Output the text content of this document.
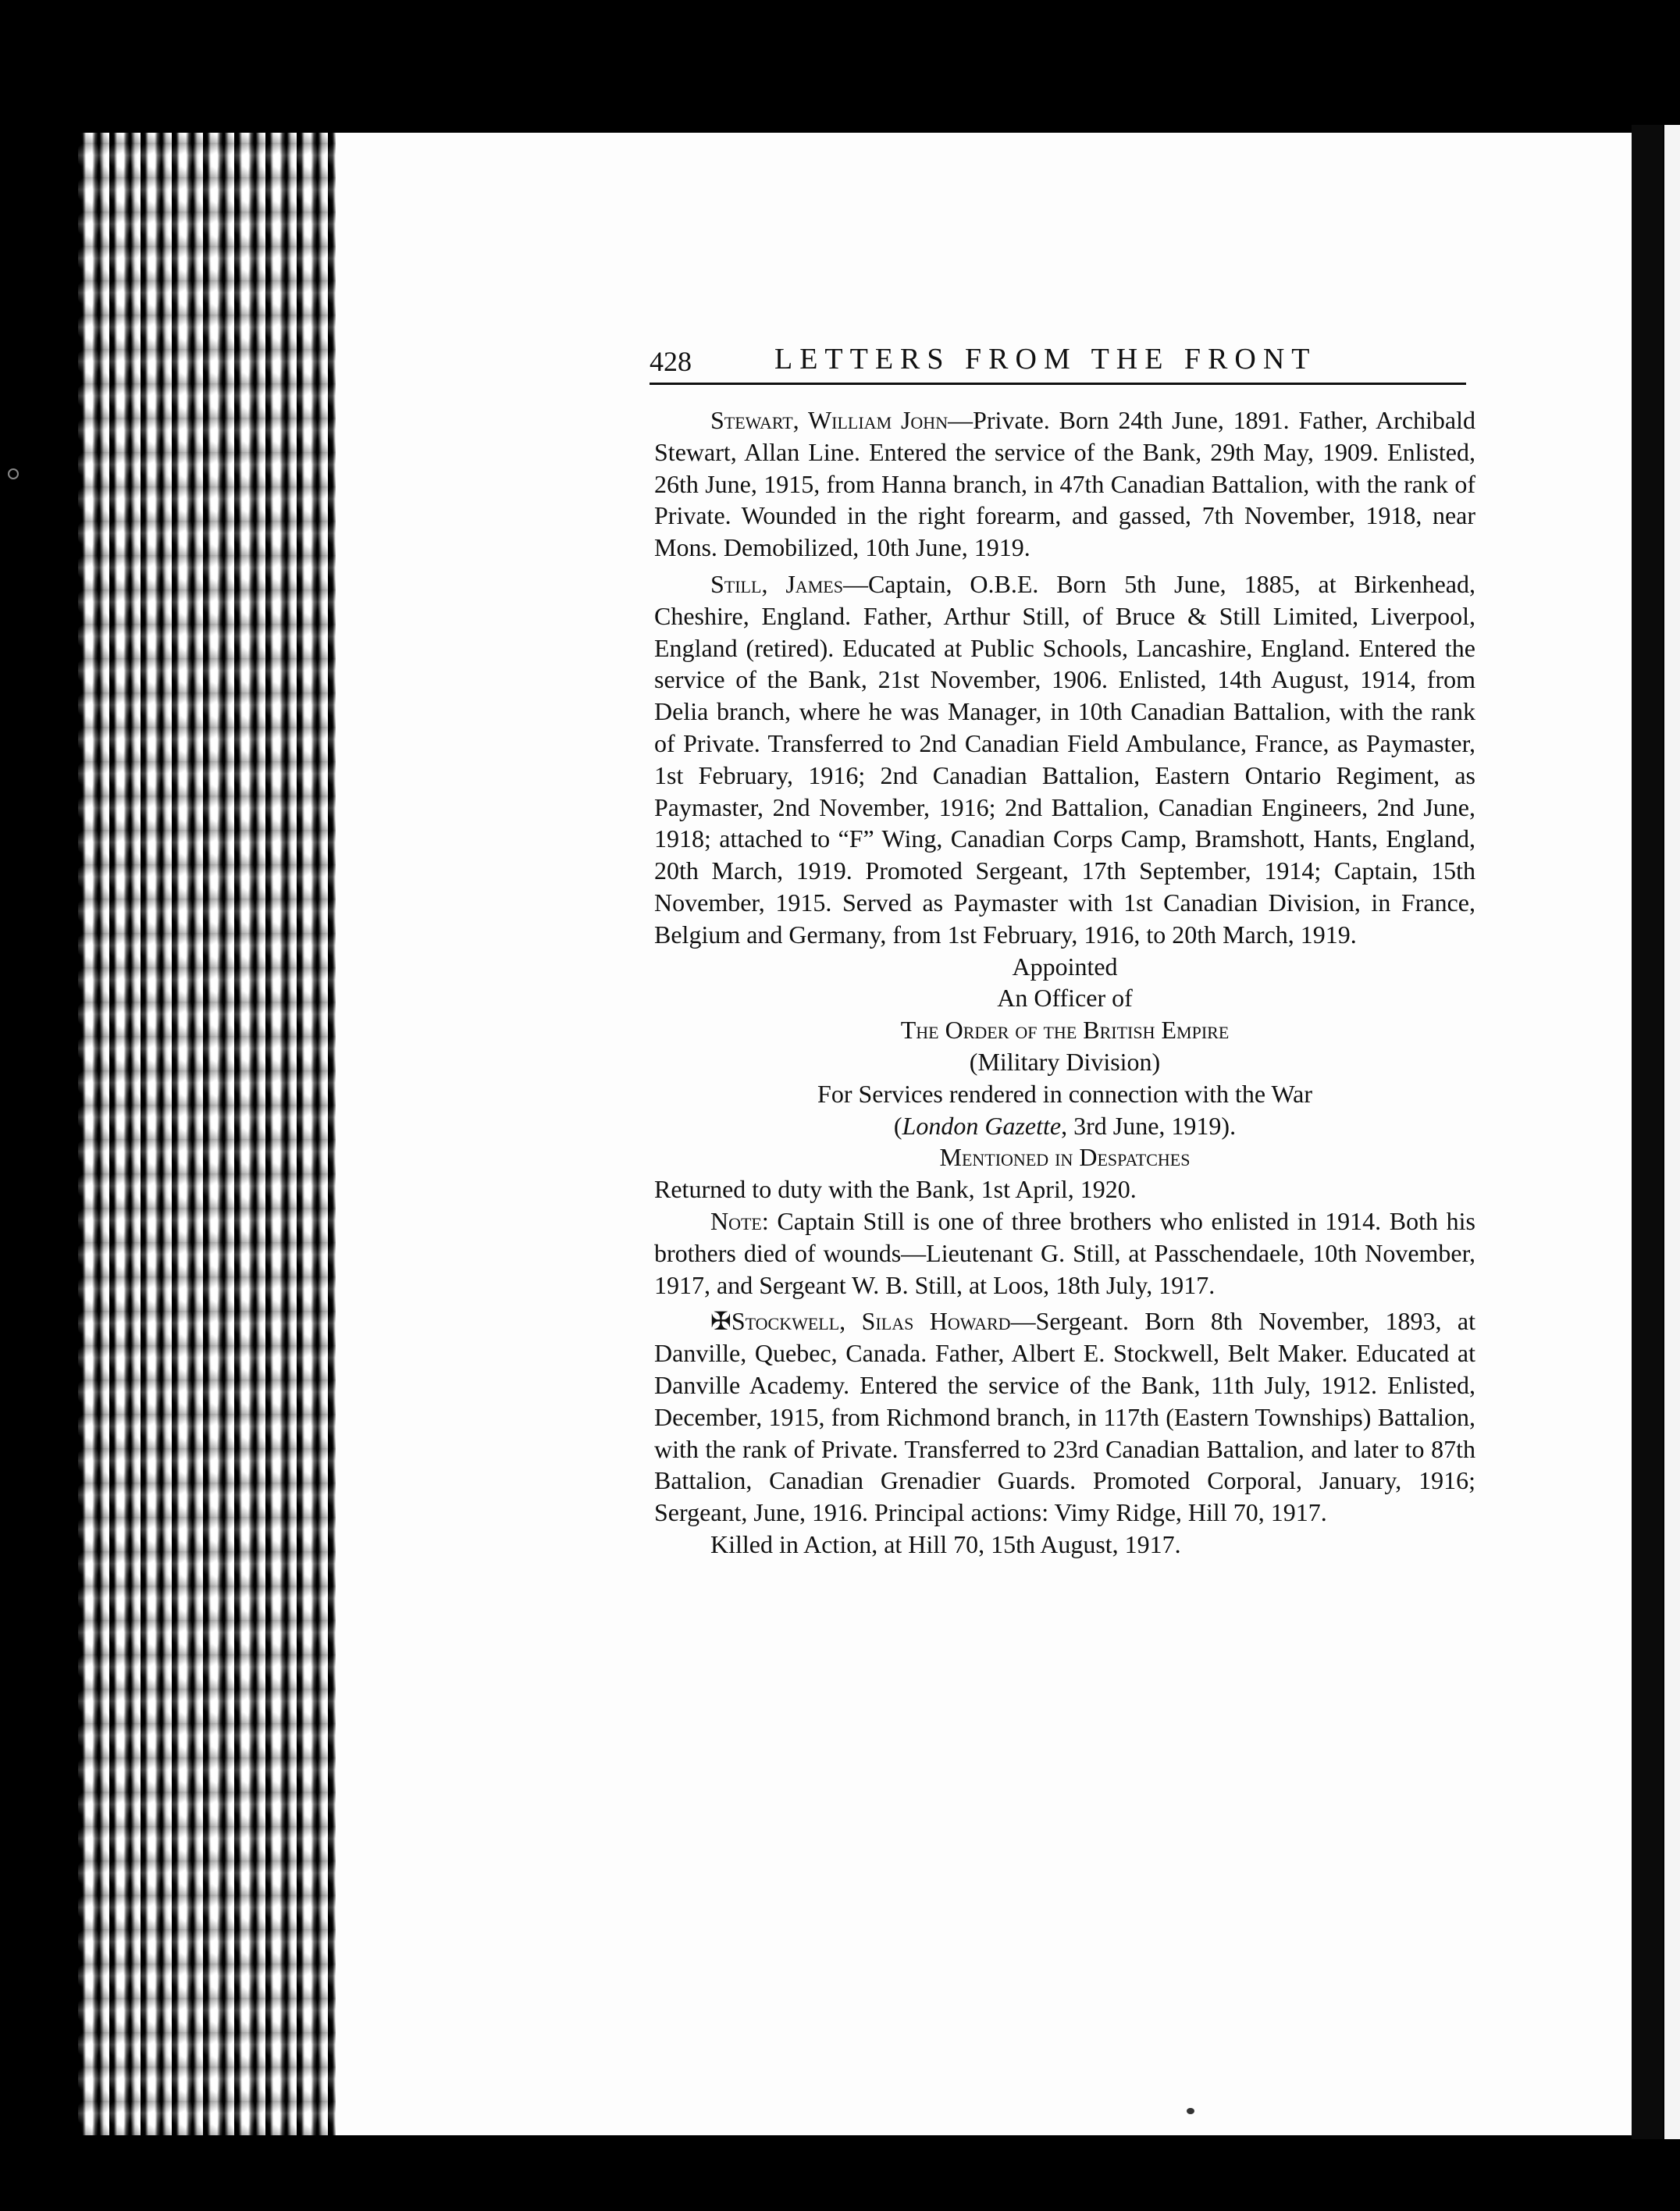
428	LETTERS FROM THE FRONT

Stewart, William John—Private. Born 24th June, 1891. Father, Archibald Stewart, Allan Line. Entered the service of the Bank, 29th May, 1909. Enlisted, 26th June, 1915, from Hanna branch, in 47th Canadian Battalion, with the rank of Private. Wounded in the right forearm, and gassed, 7th November, 1918, near Mons. Demobilized, 10th June, 1919.

Still, James—Captain, O.B.E. Born 5th June, 1885, at Birkenhead, Cheshire, England. Father, Arthur Still, of Bruce & Still Limited, Liverpool, England (retired). Educated at Public Schools, Lancashire, England. Entered the service of the Bank, 21st November, 1906. Enlisted, 14th August, 1914, from Delia branch, where he was Manager, in 10th Canadian Battalion, with the rank of Private. Transferred to 2nd Canadian Field Ambulance, France, as Paymaster, 1st February, 1916; 2nd Canadian Battalion, Eastern Ontario Regiment, as Paymaster, 2nd November, 1916; 2nd Battalion, Canadian Engineers, 2nd June, 1918; attached to “F” Wing, Canadian Corps Camp, Bramshott, Hants, England, 20th March, 1919. Promoted Sergeant, 17th September, 1914; Captain, 15th November, 1915. Served as Paymaster with 1st Canadian Division, in France, Belgium and Germany, from 1st February, 1916, to 20th March, 1919.

Appointed

An Officer of

The Order of the British Empire

(Military Division)

For Services rendered in connection with the War

(London Gazette, 3rd June, 1919).

Mentioned in Despatches

Returned to duty with the Bank, 1st April, 1920.

Note: Captain Still is one of three brothers who enlisted in 1914. Both his brothers died of wounds—Lieutenant G. Still, at Passchendaele, 10th November, 1917, and Sergeant W. B. Still, at Loos, 18th July, 1917.

✠Stockwell, Silas Howard—Sergeant. Born 8th November, 1893, at Danville, Quebec, Canada. Father, Albert E. Stockwell, Belt Maker. Educated at Danville Academy. Entered the service of the Bank, 11th July, 1912. Enlisted, December, 1915, from Richmond branch, in 117th (Eastern Townships) Battalion, with the rank of Private. Transferred to 23rd Canadian Battalion, and later to 87th Battalion, Canadian Grenadier Guards. Promoted Corporal, January, 1916; Sergeant, June, 1916. Principal actions: Vimy Ridge, Hill 70, 1917.

Killed in Action, at Hill 70, 15th August, 1917.
